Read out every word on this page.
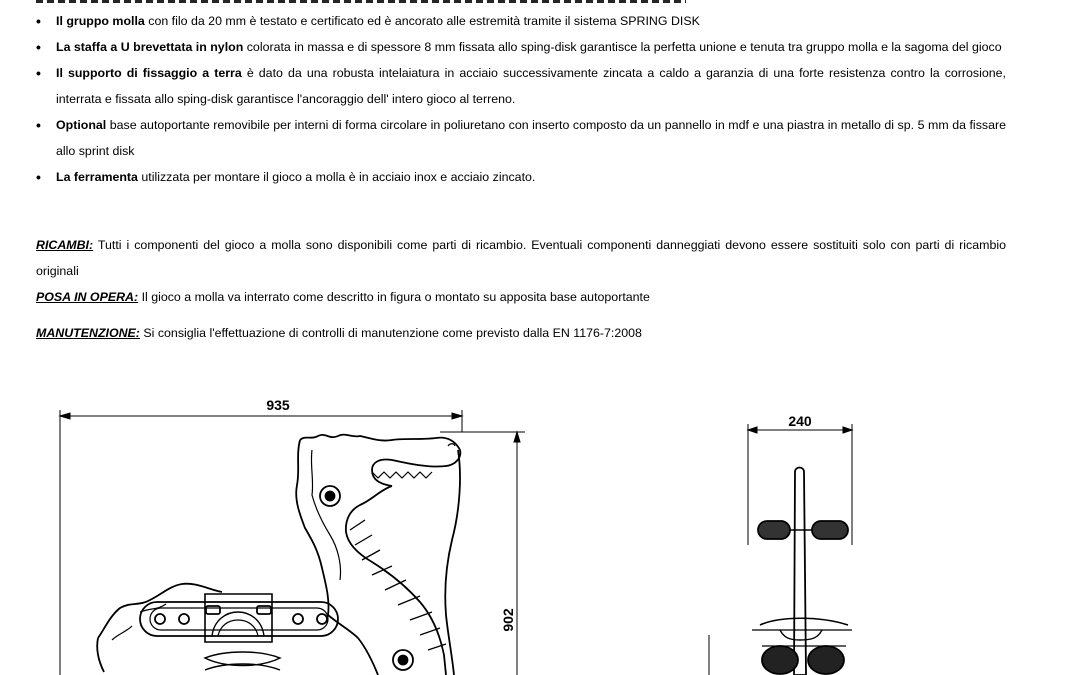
• Il gruppo molla con filo da 20 mm è testato e certificato ed è ancorato alle estremità tramite il sistema SPRING DISK
• La staffa a U brevettata in nylon colorata in massa e di spessore 8 mm fissata allo sping-disk garantisce la perfetta unione e tenuta tra gruppo molla e la sagoma del gioco
• Il supporto di fissaggio a terra è dato da una robusta intelaiatura in acciaio successivamente zincata a caldo a garanzia di una forte resistenza contro la corrosione, interrata e fissata allo sping-disk garantisce l'ancoraggio dell' intero gioco al terreno.
• Optional base autoportante removibile per interni di forma circolare in poliuretano con inserto composto da un pannello in mdf e una piastra in metallo di sp. 5 mm da fissare allo sprint disk
• La ferramenta utilizzata per montare il gioco a molla è in acciaio inox e acciaio zincato.
RICAMBI: Tutti i componenti del gioco a molla sono disponibili come parti di ricambio. Eventuali componenti danneggiati devono essere sostituiti solo con parti di ricambio originali
POSA IN OPERA: Il gioco a molla va interrato come descritto in figura o montato su apposita base autoportante
MANUTENZIONE: Si consiglia l'effettuazione di controlli di manutenzione come previsto dalla EN 1176-7:2008
935
902
240
